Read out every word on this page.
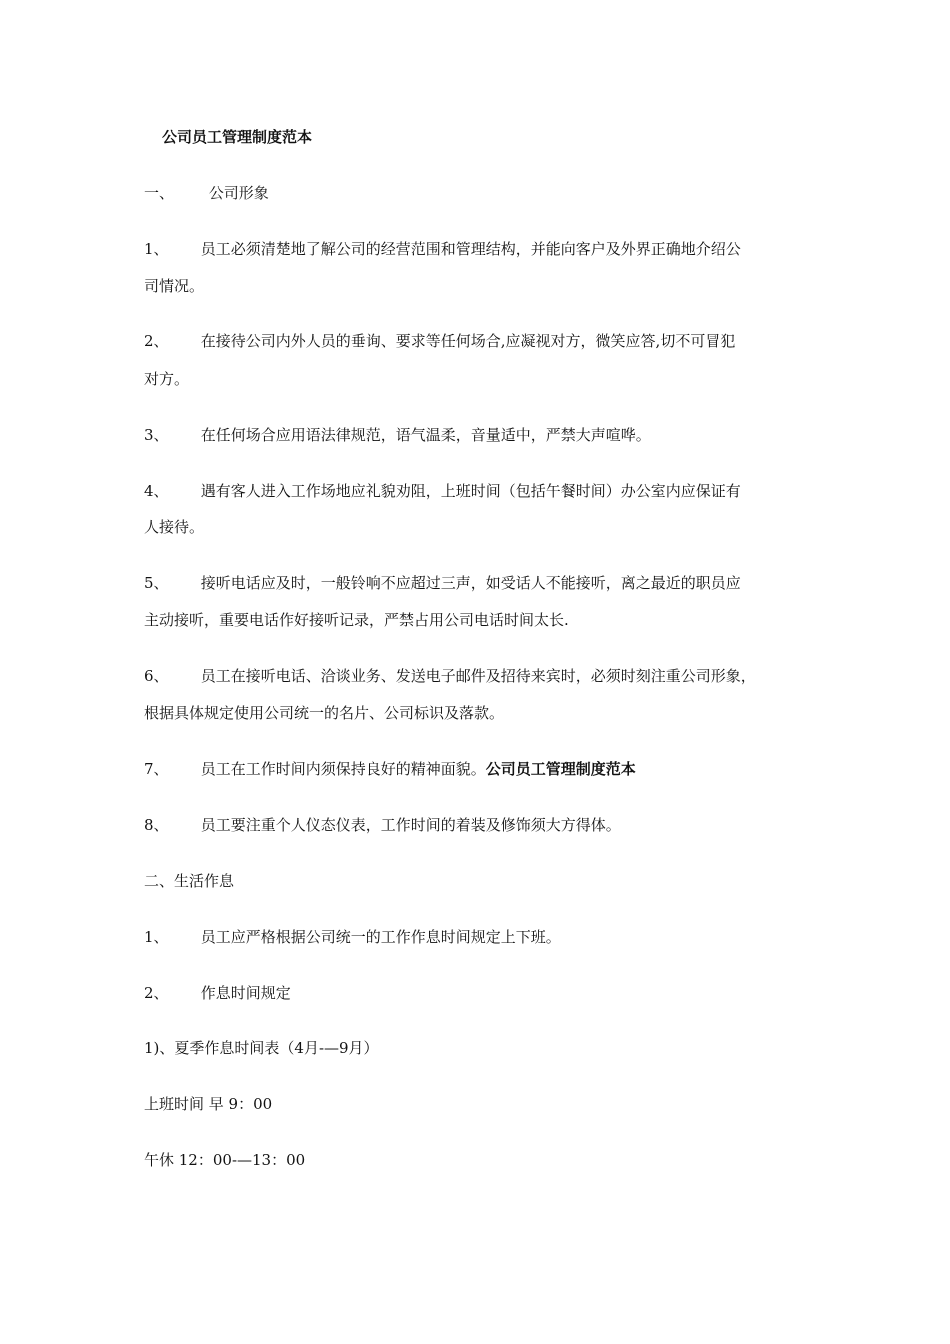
公司员工管理制度范本
一、 公司形象
1、 员工必须清楚地了解公司的经营范围和管理结构，并能向客户及外界正确地介绍公
司情况。
2、 在接待公司内外人员的垂询、要求等任何场合,应凝视对方，微笑应答,切不可冒犯
对方。
3、 在任何场合应用语法律规范，语气温柔，音量适中，严禁大声喧哗。
4、 遇有客人进入工作场地应礼貌劝阻，上班时间（包括午餐时间）办公室内应保证有
人接待。
5、 接听电话应及时，一般铃响不应超过三声，如受话人不能接听，离之最近的职员应
主动接听，重要电话作好接听记录，严禁占用公司电话时间太长.
6、 员工在接听电话、洽谈业务、发送电子邮件及招待来宾时，必须时刻注重公司形象，
根据具体规定使用公司统一的名片、公司标识及落款。
7、 员工在工作时间内须保持良好的精神面貌。公司员工管理制度范本
8、 员工要注重个人仪态仪表，工作时间的着装及修饰须大方得体。
二、生活作息
1、 员工应严格根据公司统一的工作作息时间规定上下班。
2、 作息时间规定
1)、夏季作息时间表（4月-—9月）
上班时间 早 9：00
午休 12：00-—13：00
